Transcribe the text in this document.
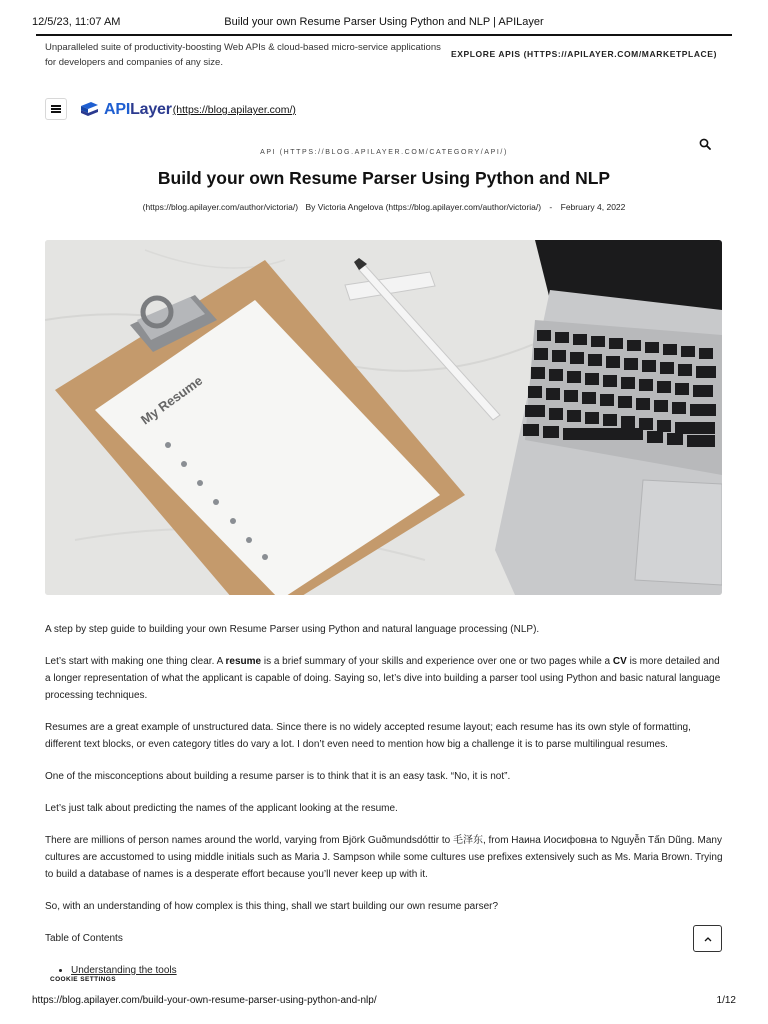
12/5/23, 11:07 AM	Build your own Resume Parser Using Python and NLP | APILayer
Unparalleled suite of productivity-boosting Web APIs & cloud-based micro-service applications for developers and companies of any size.
EXPLORE APIS (HTTPS://APILAYER.COM/MARKETPLACE)
APILayer (https://blog.apilayer.com/)
API (HTTPS://BLOG.APILAYER.COM/CATEGORY/API/)
Build your own Resume Parser Using Python and NLP
(https://blog.apilayer.com/author/victoria/) By Victoria Angelova (https://blog.apilayer.com/author/victoria/) - February 4, 2022
My Resume

A step by step guide to building your own Resume Parser using Python and natural language processing (NLP).

Let’s start with making one thing clear. A resume is a brief summary of your skills and experience over one or two pages while a CV is more detailed and a longer representation of what the applicant is capable of doing. Saying so, let’s dive into building a parser tool using Python and basic natural language processing techniques.

Resumes are a great example of unstructured data. Since there is no widely accepted resume layout; each resume has its own style of formatting, different text blocks, or even category titles do vary a lot. I don’t even need to mention how big a challenge it is to parse multilingual resumes.

One of the misconceptions about building a resume parser is to think that it is an easy task. “No, it is not”.

Let’s just talk about predicting the names of the applicant looking at the resume.

There are millions of person names around the world, varying from Björk Guðmundsdóttir to 毛泽东, from Наина Иосифовна to Nguyễn Tấn Dũng. Many cultures are accustomed to using middle initials such as Maria J. Sampson while some cultures use prefixes extensively such as Ms. Maria Brown. Trying to build a database of names is a desperate effort because you’ll never keep up with it.

So, with an understanding of how complex is this thing, shall we start building our own resume parser?

Table of Contents
• Understanding the tools
COOKIE SETTINGS
https://blog.apilayer.com/build-your-own-resume-parser-using-python-and-nlp/	1/12
